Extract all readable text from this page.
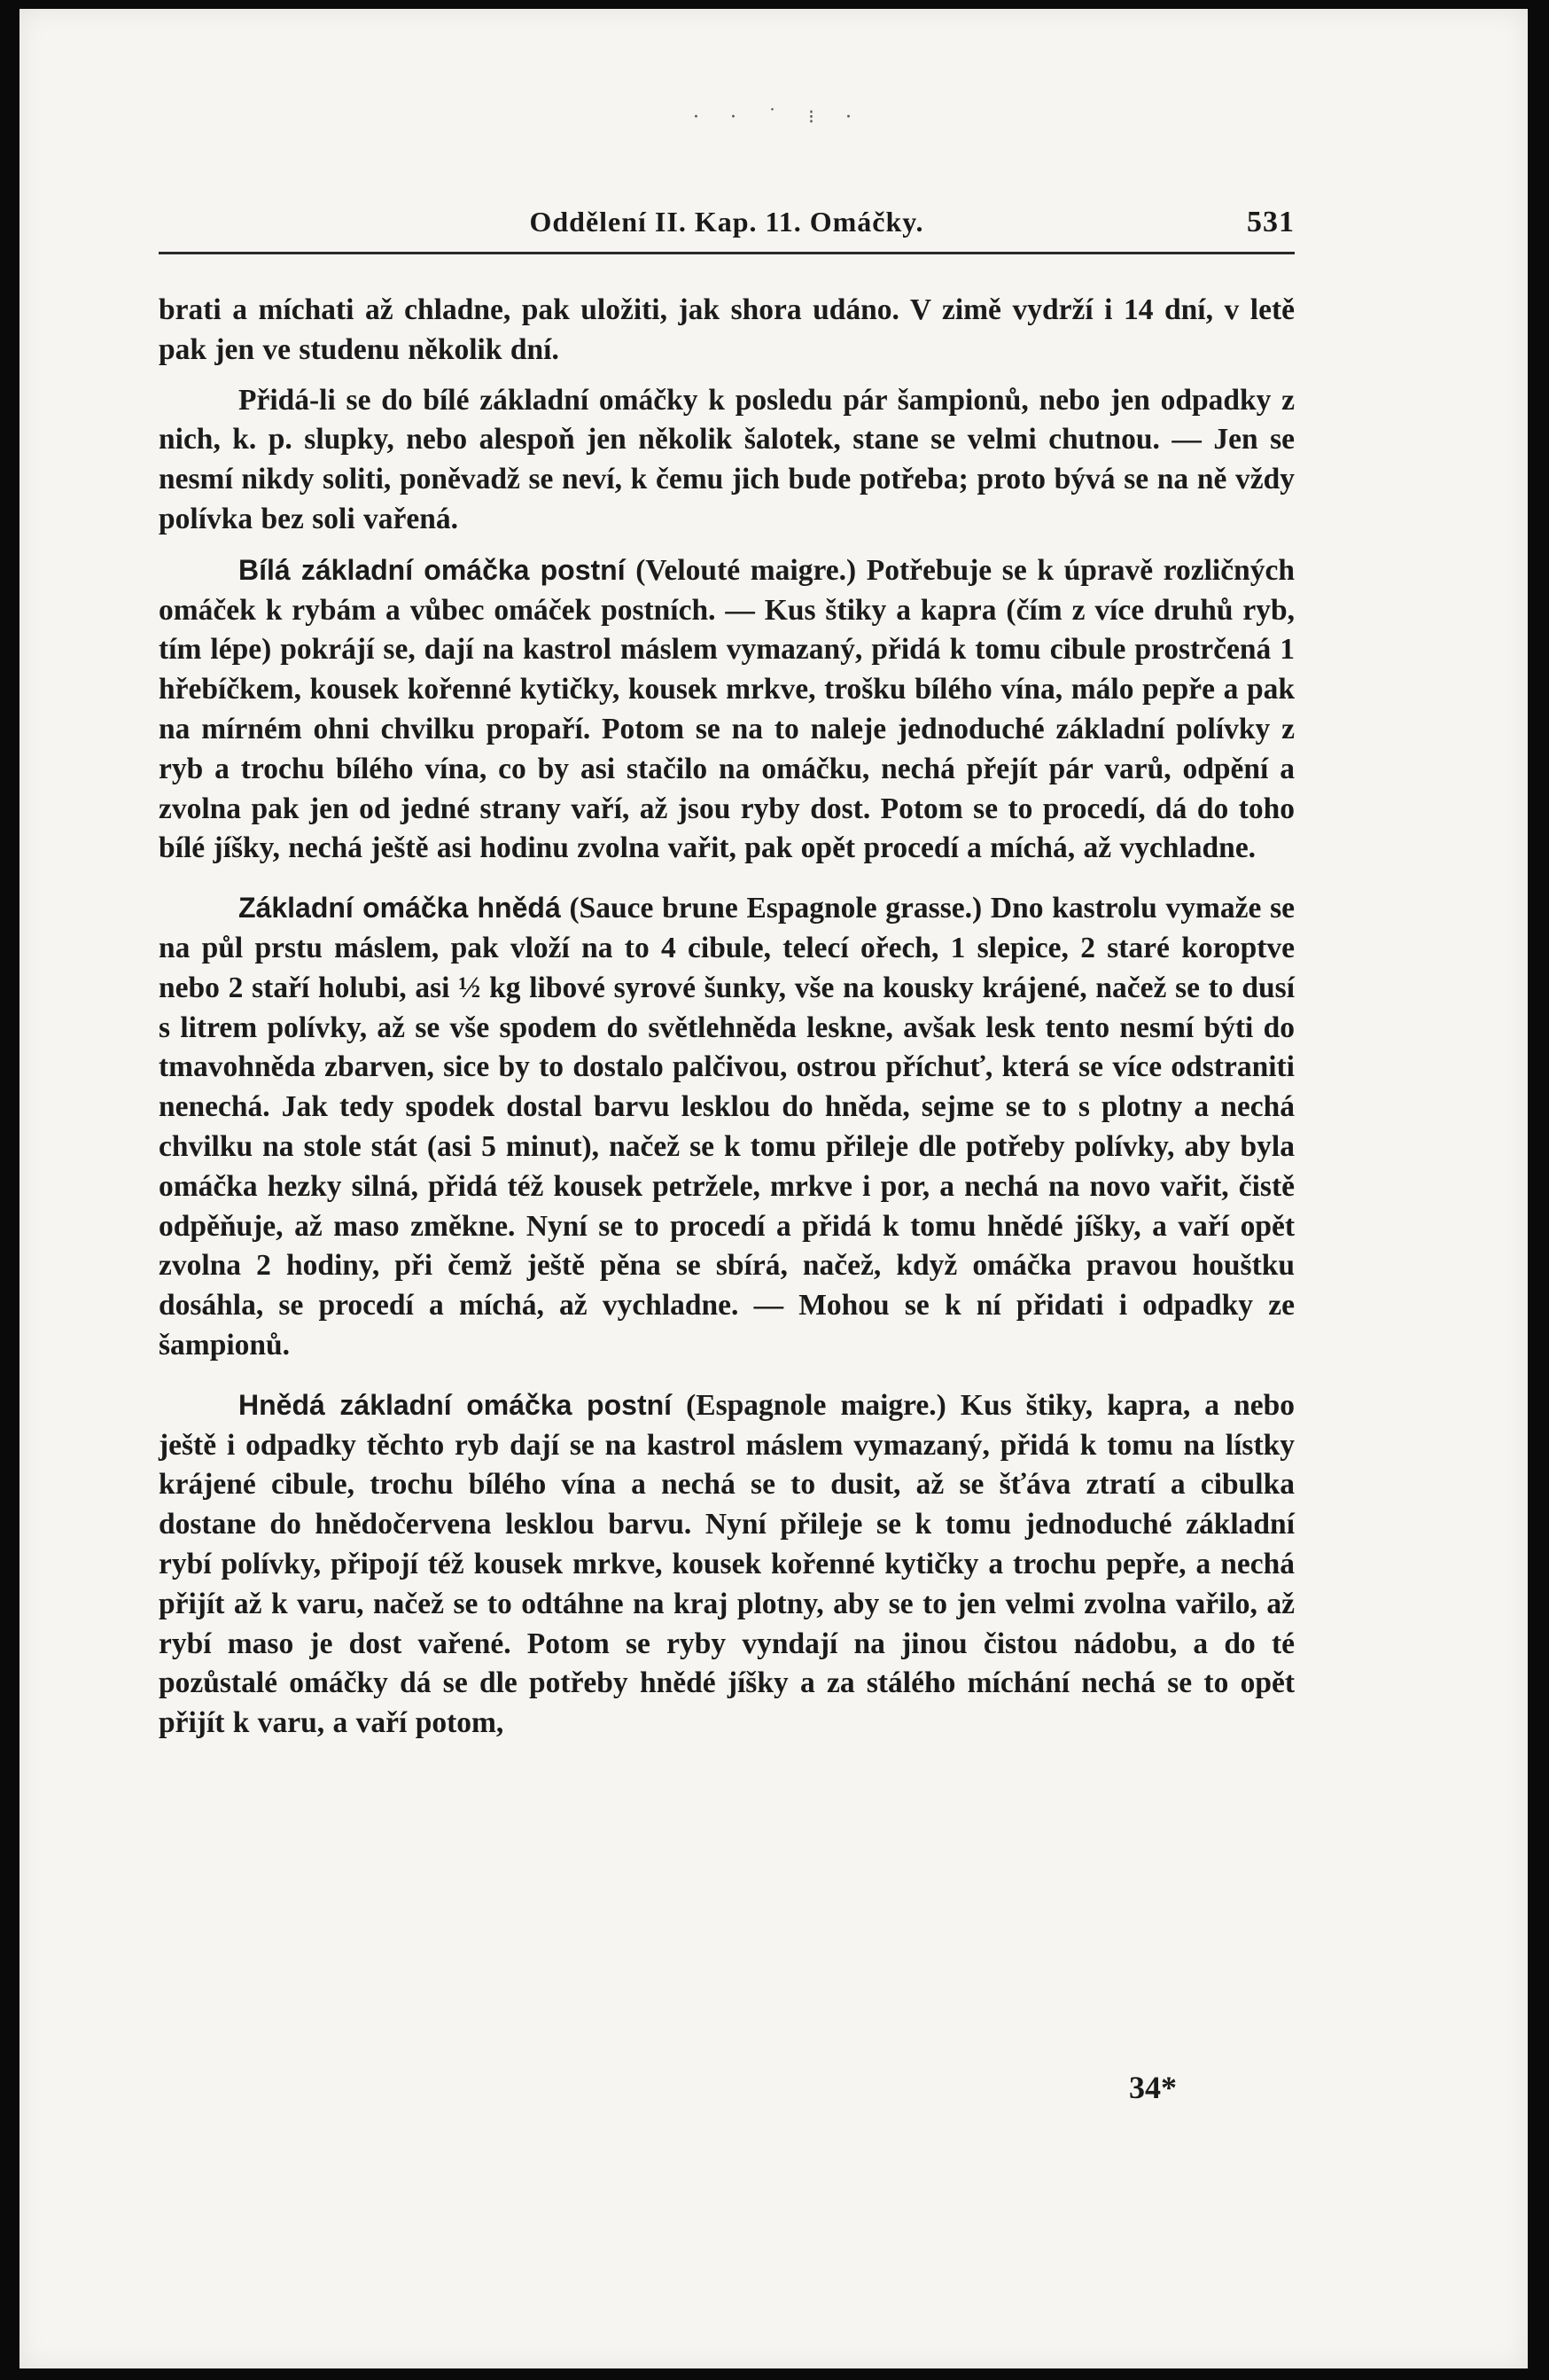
· · ˙ ⁝ ·
Oddělení II. Kap. 11. Omáčky.	531

brati a míchati až chladne, pak uložiti, jak shora udáno. V zimě vydrží i 14 dní, v letě pak jen ve studenu několik dní.

Přidá-li se do bílé základní omáčky k posledu pár šampionů, nebo jen odpadky z nich, k. p. slupky, nebo alespoň jen několik šalotek, stane se velmi chutnou. — Jen se nesmí nikdy soliti, poněvadž se neví, k čemu jich bude potřeba; proto bývá se na ně vždy polívka bez soli vařená.

Bílá základní omáčka postní (Velouté maigre.) Potřebuje se k úpravě rozličných omáček k rybám a vůbec omáček postních. — Kus štiky a kapra (čím z více druhů ryb, tím lépe) pokrájí se, dají na kastrol máslem vymazaný, přidá k tomu cibule prostrčená 1 hřebíčkem, kousek kořenné kytičky, kousek mrkve, trošku bílého vína, málo pepře a pak na mírném ohni chvilku propaří. Potom se na to naleje jednoduché základní polívky z ryb a trochu bílého vína, co by asi stačilo na omáčku, nechá přejít pár varů, odpění a zvolna pak jen od jedné strany vaří, až jsou ryby dost. Potom se to procedí, dá do toho bílé jíšky, nechá ještě asi hodinu zvolna vařit, pak opět procedí a míchá, až vychladne.

Základní omáčka hnědá (Sauce brune Espagnole grasse.) Dno kastrolu vymaže se na půl prstu máslem, pak vloží na to 4 cibule, telecí ořech, 1 slepice, 2 staré koroptve nebo 2 staří holubi, asi ½ kg libové syrové šunky, vše na kousky krájené, načež se to dusí s litrem polívky, až se vše spodem do světlehněda leskne, avšak lesk tento nesmí býti do tmavohněda zbarven, sice by to dostalo palčivou, ostrou příchuť, která se více odstraniti nenechá. Jak tedy spodek dostal barvu lesklou do hněda, sejme se to s plotny a nechá chvilku na stole stát (asi 5 minut), načež se k tomu přileje dle potřeby polívky, aby byla omáčka hezky silná, přidá též kousek petržele, mrkve i por, a nechá na novo vařit, čistě odpěňuje, až maso změkne. Nyní se to procedí a přidá k tomu hnědé jíšky, a vaří opět zvolna 2 hodiny, při čemž ještě pěna se sbírá, načež, když omáčka pravou houštku dosáhla, se procedí a míchá, až vychladne. — Mohou se k ní přidati i odpadky ze šampionů.

Hnědá základní omáčka postní (Espagnole maigre.) Kus štiky, kapra, a nebo ještě i odpadky těchto ryb dají se na kastrol máslem vymazaný, přidá k tomu na lístky krájené cibule, trochu bílého vína a nechá se to dusit, až se šťáva ztratí a cibulka dostane do hnědočervena lesklou barvu. Nyní přileje se k tomu jednoduché základní rybí polívky, připojí též kousek mrkve, kousek kořenné kytičky a trochu pepře, a nechá přijít až k varu, načež se to odtáhne na kraj plotny, aby se to jen velmi zvolna vařilo, až rybí maso je dost vařené. Potom se ryby vyndají na jinou čistou nádobu, a do té pozůstalé omáčky dá se dle potřeby hnědé jíšky a za stálého míchání nechá se to opět přijít k varu, a vaří potom,

34*
